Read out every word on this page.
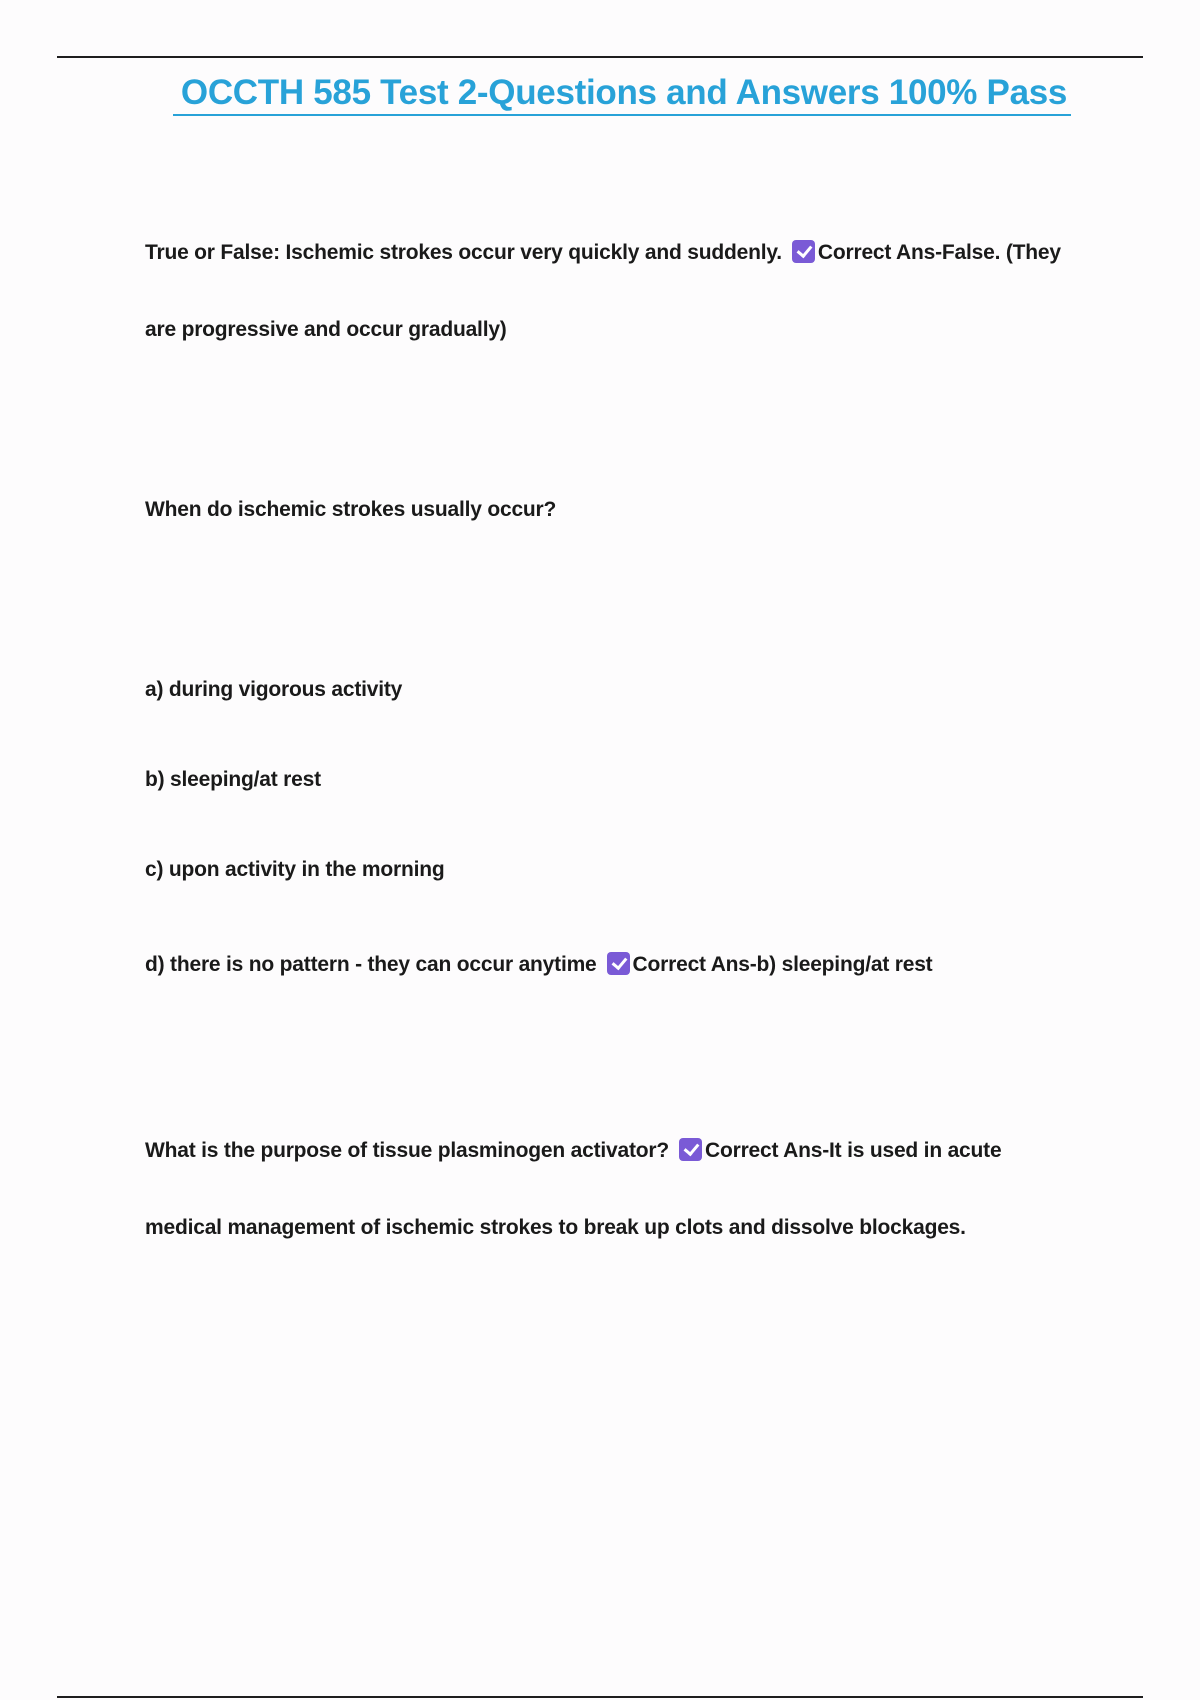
OCCTH 585 Test 2-Questions and Answers 100% Pass
True or False: Ischemic strokes occur very quickly and suddenly. Correct Ans-False. (They
are progressive and occur gradually)
When do ischemic strokes usually occur?
a) during vigorous activity
b) sleeping/at rest
c) upon activity in the morning
d) there is no pattern - they can occur anytime Correct Ans-b) sleeping/at rest
What is the purpose of tissue plasminogen activator? Correct Ans-It is used in acute
medical management of ischemic strokes to break up clots and dissolve blockages.
